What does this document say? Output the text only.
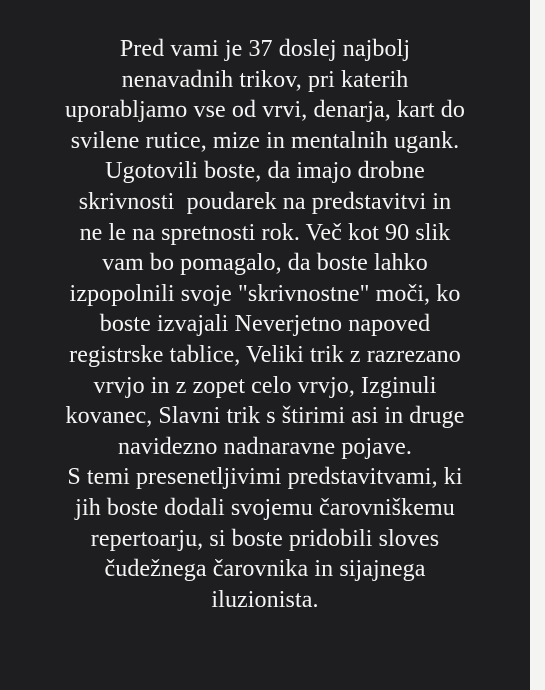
Pred vami je 37 doslej najbolj
nenavadnih trikov, pri katerih
uporabljamo vse od vrvi, denarja, kart do
svilene rutice, mize in mentalnih ugank.
Ugotovili boste, da imajo drobne
skrivnosti  poudarek na predstavitvi in
ne le na spretnosti rok. Več kot 90 slik
vam bo pomagalo, da boste lahko
izpopolnili svoje "skrivnostne" moči, ko
boste izvajali Neverjetno napoved
registrske tablice, Veliki trik z razrezano
vrvjo in z zopet celo vrvjo, Izginuli
kovanec, Slavni trik s štirimi asi in druge
navidezno nadnaravne pojave.
S temi presenetljivimi predstavitvami, ki
jih boste dodali svojemu čarovniškemu
repertoarju, si boste pridobili sloves
čudežnega čarovnika in sijajnega
iluzionista.
